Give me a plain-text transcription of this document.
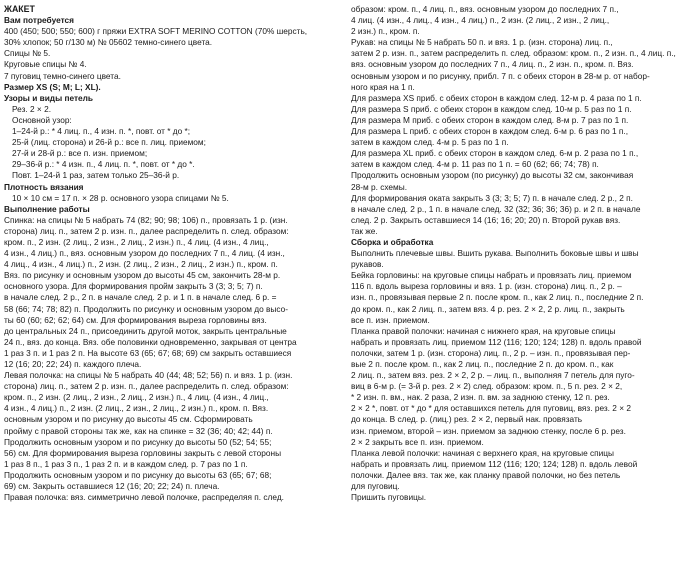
ЖАКЕТ
Вам потребуется
400 (450; 500; 550; 600) г пряжи EXTRA SOFT MERINO COTTON (70% шерсть,
30% хлопок; 50 г/130 м) № 05602 темно-синего цвета.
Спицы № 5.
Круговые спицы № 4.
7 пуговиц темно-синего цвета.
Размер XS (S; M; L; XL).
Узоры и виды петель
Рез. 2 × 2.
Основной узор:
1–24-й р.: * 4 лиц. п., 4 изн. п. *, повт. от * до *;
25-й (лиц. сторона) и 26-й р.: все п. лиц. приемом;
27-й и 28-й р.: все п. изн. приемом;
29–36-й р.: * 4 изн. п., 4 лиц. п. *, повт. от * до *.
Повт. 1–24-й 1 раз, затем только 25–36-й р.
Плотность вязания
10 × 10 см = 17 п. × 28 р. основного узора спицами № 5.
Выполнение работы
Спинка: на спицы № 5 набрать 74 (82; 90; 98; 106) п., провязать 1 р. (изн.
сторона) лиц. п., затем 2 р. изн. п., далее распределить п. след. образом:
кром. п., 2 изн. (2 лиц., 2 изн., 2 лиц., 2 изн.) п., 4 лиц. (4 изн., 4 лиц.,
4 изн., 4 лиц.) п., вяз. основным узором до последних 7 п., 4 лиц. (4 изн.,
4 лиц., 4 изн., 4 лиц.) п., 2 изн. (2 лиц., 2 изн., 2 лиц., 2 изн.) п., кром. п.
Вяз. по рисунку и основным узором до высоты 45 см, закончить 28-м р.
основного узора. Для формирования пройм закрыть 3 (3; 3; 5; 7) п.
в начале след. 2 р., 2 п. в начале след. 2 р. и 1 п. в начале след. 6 р. =
58 (66; 74; 78; 82) п. Продолжить по рисунку и основным узором до высо-
ты 60 (60; 62; 62; 64) см. Для формирования выреза горловины вяз.
до центральных 24 п., присоединить другой моток, закрыть центральные
24 п., вяз. до конца. Вяз. обе половинки одновременно, закрывая от центра
1 раз 3 п. и 1 раз 2 п. На высоте 63 (65; 67; 68; 69) см закрыть оставшиеся
12 (16; 20; 22; 24) п. каждого плеча.
Левая полочка: на спицы № 5 набрать 40 (44; 48; 52; 56) п. и вяз. 1 р. (изн.
сторона) лиц. п., затем 2 р. изн. п., далее распределить п. след. образом:
кром. п., 2 изн. (2 лиц., 2 изн., 2 лиц., 2 изн.) п., 4 лиц. (4 изн., 4 лиц.,
4 изн., 4 лиц.) п., 2 изн. (2 лиц., 2 изн., 2 лиц., 2 изн.) п., кром. п. Вяз.
основным узором и по рисунку до высоты 45 см. Сформировать
пройму с правой стороны так же, как на спинке = 32 (36; 40; 42; 44) п.
Продолжить основным узором и по рисунку до высоты 50 (52; 54; 55;
56) см. Для формирования выреза горловины закрыть с левой стороны
1 раз 8 п., 1 раз 3 п., 1 раз 2 п. и в каждом след. р. 7 раз по 1 п.
Продолжить основным узором и по рисунку до высоты 63 (65; 67; 68;
69) см. Закрыть оставшиеся 12 (16; 20; 22; 24) п. плеча.
Правая полочка: вяз. симметрично левой полочке, распределяя п. след.
образом: кром. п., 4 лиц. п., вяз. основным узором до последних 7 п.,
4 лиц. (4 изн., 4 лиц., 4 изн., 4 лиц.) п., 2 изн. (2 лиц., 2 изн., 2 лиц.,
2 изн.) п., кром. п.
Рукав: на спицы № 5 набрать 50 п. и вяз. 1 р. (изн. сторона) лиц. п.,
затем 2 р. изн. п., затем распределить п. след. образом: кром. п., 2 изн. п., 4 лиц. п.,
вяз. основным узором до последних 7 п., 4 лиц. п., 2 изн. п., кром. п. Вяз.
основным узором и по рисунку, прибл. 7 п. с обеих сторон в 28-м р. от набор-
ного края на 1 п.
Для размера XS приб. с обеих сторон в каждом след. 12-м р. 4 раза по 1 п.
Для размера S приб. с обеих сторон в каждом след. 10-м р. 5 раз по 1 п.
Для размера M приб. с обеих сторон в каждом след. 8-м р. 7 раз по 1 п.
Для размера L приб. с обеих сторон в каждом след. 6-м р. 6 раз по 1 п.,
затем в каждом след. 4-м р. 5 раз по 1 п.
Для размера XL приб. с обеих сторон в каждом след. 6-м р. 2 раза по 1 п.,
затем в каждом след. 4-м р. 11 раз по 1 п. = 60 (62; 66; 74; 78) п.
Продолжить основным узором (по рисунку) до высоты 32 см, закончивая
28-м р. схемы.
Для формирования оката закрыть 3 (3; 3; 5; 7) п. в начале след. 2 р., 2 п.
в начале след. 2 р., 1 п. в начале след. 32 (32; 36; 36; 36) р. и 2 п. в начале
след. 2 р. Закрыть оставшиеся 14 (16; 16; 20; 20) п. Второй рукав вяз.
так же.
Сборка и обработка
Выполнить плечевые швы. Вшить рукава. Выполнить боковые швы и швы
рукавов.
Бейка горловины: на круговые спицы набрать и провязать лиц. приемом
116 п. вдоль выреза горловины и вяз. 1 р. (изн. сторона) лиц. п., 2 р. –
изн. п., провязывая первые 2 п. после кром. п., как 2 лиц. п., последние 2 п.
до кром. п., как 2 лиц. п., затем вяз. 4 р. рез. 2 × 2, 2 р. лиц. п., закрыть
все п. изн. приемом.
Планка правой полочки: начиная с нижнего края, на круговые спицы
набрать и провязать лиц. приемом 112 (116; 120; 124; 128) п. вдоль правой
полочки, затем 1 р. (изн. сторона) лиц. п., 2 р. – изн. п., провязывая пер-
вые 2 п. после кром. п., как 2 лиц. п., последние 2 п. до кром. п., как
2 лиц. п., затем вяз. рез. 2 × 2, 2 р. – лиц. п., выполняя 7 петель для пуго-
виц в 6-м р. (= 3-й р. рез. 2 × 2) след. образом: кром. п., 5 п. рез. 2 × 2,
* 2 изн. п. вм., нак. 2 раза, 2 изн. п. вм. за заднюю стенку, 12 п. рез.
2 × 2 *, повт. от * до * для оставшихся петель для пуговиц, вяз. рез. 2 × 2
до конца. В след. р. (лиц.) рез. 2 × 2, первый нак. провязать
изн. приемом, второй – изн. приемом за заднюю стенку, после 6 р. рез.
2 × 2 закрыть все п. изн. приемом.
Планка левой полочки: начиная с верхнего края, на круговые спицы
набрать и провязать лиц. приемом 112 (116; 120; 124; 128) п. вдоль левой
полочки. Далее вяз. так же, как планку правой полочки, но без петель
для пуговиц.
Пришить пуговицы.
